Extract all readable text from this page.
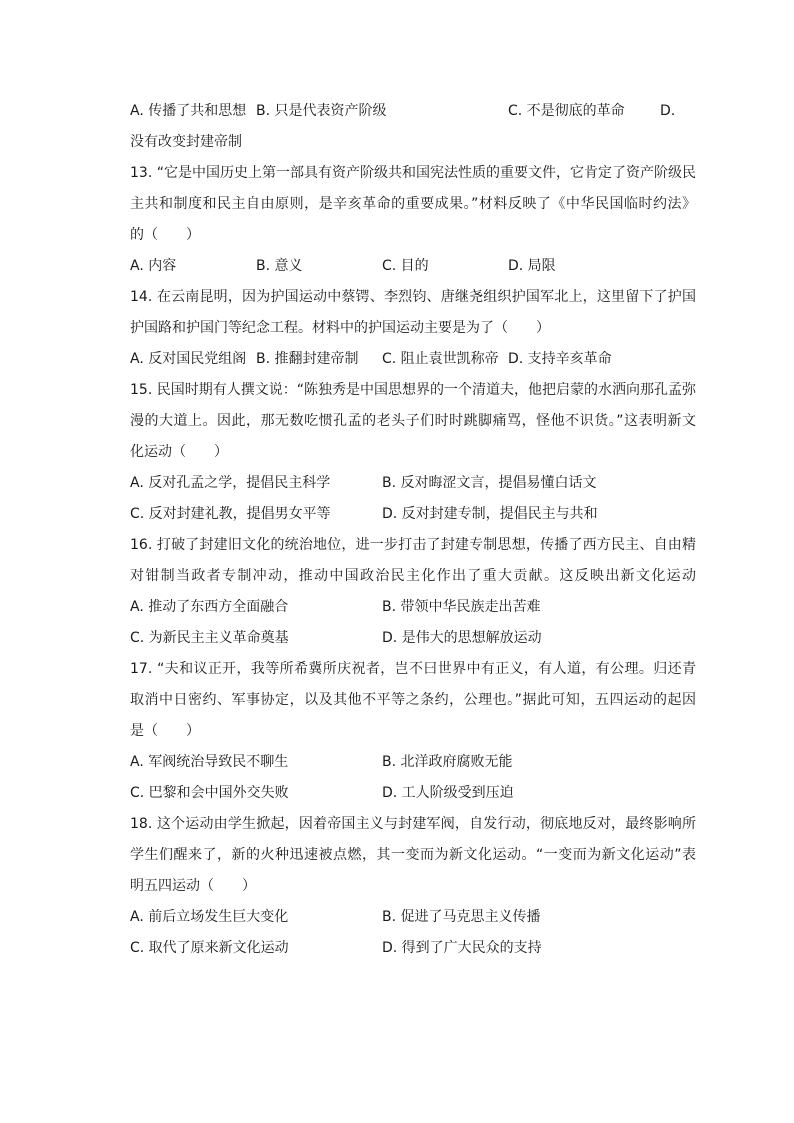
A. 传播了共和思想 B. 只是代表资产阶级	C. 不是彻底的革命	D.
没有改变封建帝制
13. “它是中国历史上第一部具有资产阶级共和国宪法性质的重要文件，它肯定了资产阶级民
主共和制度和民主自由原则，是辛亥革命的重要成果。”材料反映了《中华民国临时约法》
的（　　）
A. 内容	B. 意义	C. 目的	D. 局限
14. 在云南昆明，因为护国运动中蔡锷、李烈钧、唐继尧组织护国军北上，这里留下了护国
护国路和护国门等纪念工程。材料中的护国运动主要是为了（　　）
A. 反对国民党组阁 B. 推翻封建帝制 C. 阻止袁世凯称帝 D. 支持辛亥革命
15. 民国时期有人撰文说：“陈独秀是中国思想界的一个清道夫，他把启蒙的水洒向那孔孟弥
漫的大道上。因此，那无数吃惯孔孟的老头子们时时跳脚痛骂，怪他不识货。”这表明新文
化运动（　　）
A. 反对孔孟之学，提倡民主科学	B. 反对晦涩文言，提倡易懂白话文
C. 反对封建礼教，提倡男女平等	D. 反对封建专制，提倡民主与共和
16. 打破了封建旧文化的统治地位，进一步打击了封建专制思想，传播了西方民主、自由精
对钳制当政者专制冲动，推动中国政治民主化作出了重大贡献。这反映出新文化运动　　
A. 推动了东西方全面融合	B. 带领中华民族走出苦难
C. 为新民主主义革命奠基	D. 是伟大的思想解放运动
17. “夫和议正开，我等所希冀所庆祝者，岂不曰世界中有正义，有人道，有公理。归还青
取消中日密约、军事协定，以及其他不平等之条约，公理也。”据此可知，五四运动的起因
是（　　）
A. 军阀统治导致民不聊生	B. 北洋政府腐败无能
C. 巴黎和会中国外交失败	D. 工人阶级受到压迫
18. 这个运动由学生掀起，因着帝国主义与封建军阀，自发行动，彻底地反对，最终影响所
学生们醒来了，新的火种迅速被点燃，其一变而为新文化运动。“一变而为新文化运动”表
明五四运动（　　）
A. 前后立场发生巨大变化	B. 促进了马克思主义传播
C. 取代了原来新文化运动	D. 得到了广大民众的支持
